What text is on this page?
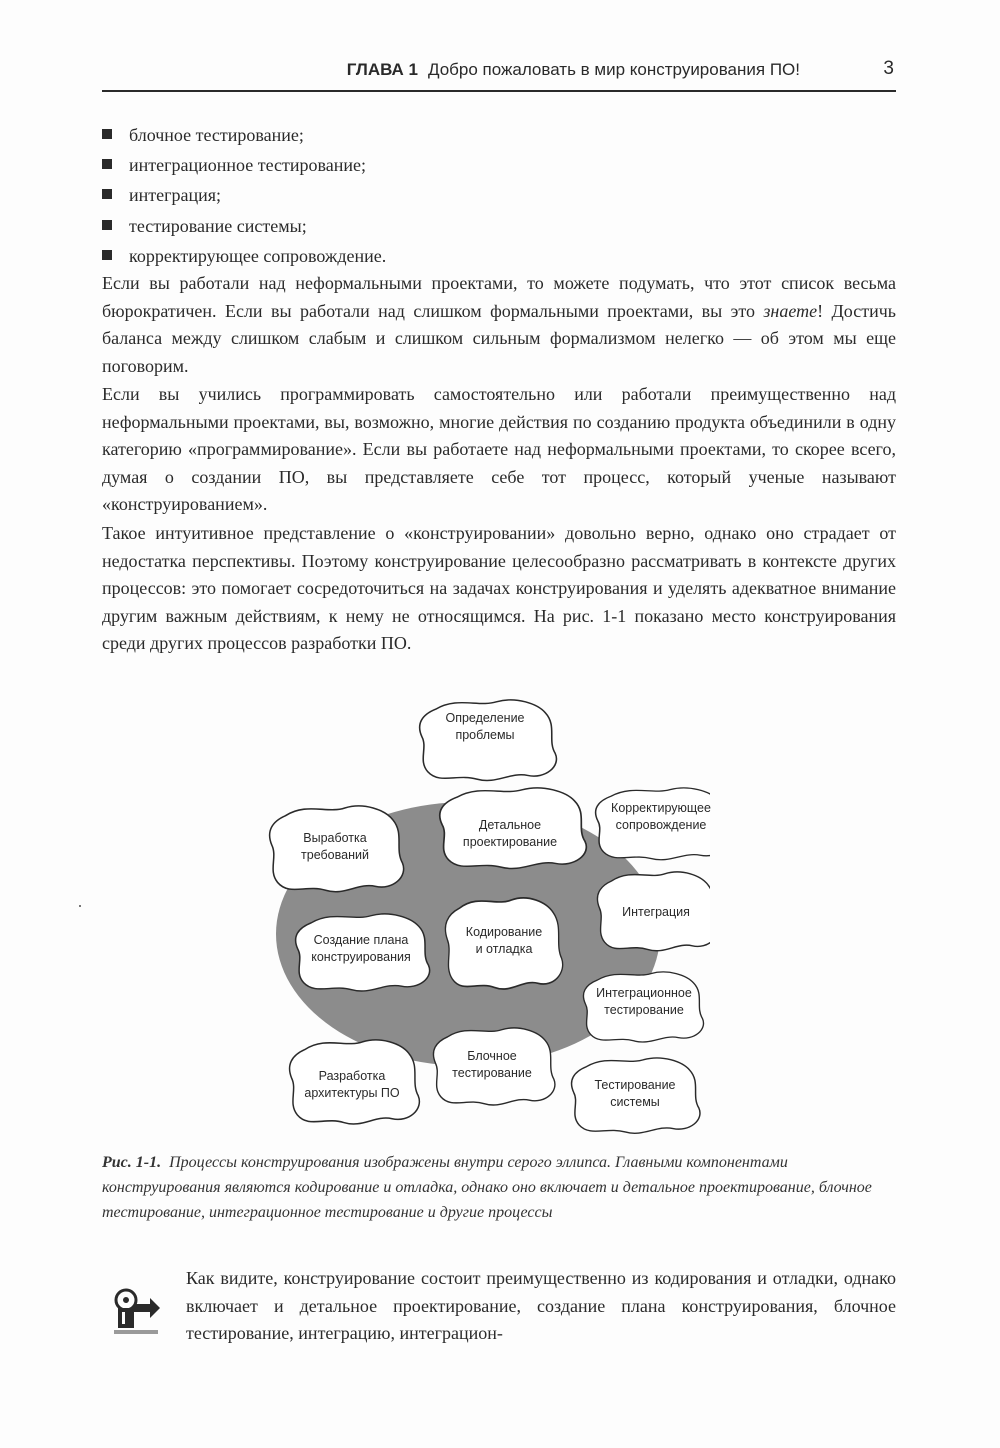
ГЛАВА 1 Добро пожаловать в мир конструирования ПО!	3
блочное тестирование;
интеграционное тестирование;
интеграция;
тестирование системы;
корректирующее сопровождение.

Если вы работали над неформальными проектами, то можете подумать, что этот список весьма бюрократичен. Если вы работали над слишком формальными проектами, вы это знаете! Достичь баланса между слишком слабым и слишком сильным формализмом нелегко — об этом мы еще поговорим.

Если вы учились программировать самостоятельно или работали преимущественно над неформальными проектами, вы, возможно, многие действия по созданию продукта объединили в одну категорию «программирование». Если вы работаете над неформальными проектами, то скорее всего, думая о создании ПО, вы представляете себе тот процесс, который ученые называют «конструированием».

Такое интуитивное представление о «конструировании» довольно верно, однако оно страдает от недостатка перспективы. Поэтому конструирование целесообразно рассматривать в контексте других процессов: это помогает сосредоточиться на задачах конструирования и уделять адекватное внимание другим важным действиям, к нему не относящимся. На рис. 1-1 показано место конструирования среди других процессов разработки ПО.

Определение
проблемы
Выработка
требований
Детальное
проектирование
Корректирующее
сопровождение
Создание плана
конструирования
Кодирование
и отладка
Интеграция
Интеграционное
тестирование
Разработка
архитектуры ПО
Блочное
тестирование
Тестирование
системы
Рис. 1-1. Процессы конструирования изображены внутри серого эллипса. Главными компонентами конструирования являются кодирование и отладка, однако оно включает и детальное проектирование, блочное тестирование, интеграционное тестирование и другие процессы

Как видите, конструирование состоит преимущественно из кодирования и отладки, однако включает и детальное проектирование, создание плана конструирования, блочное тестирование, интеграцию, интеграцион-
